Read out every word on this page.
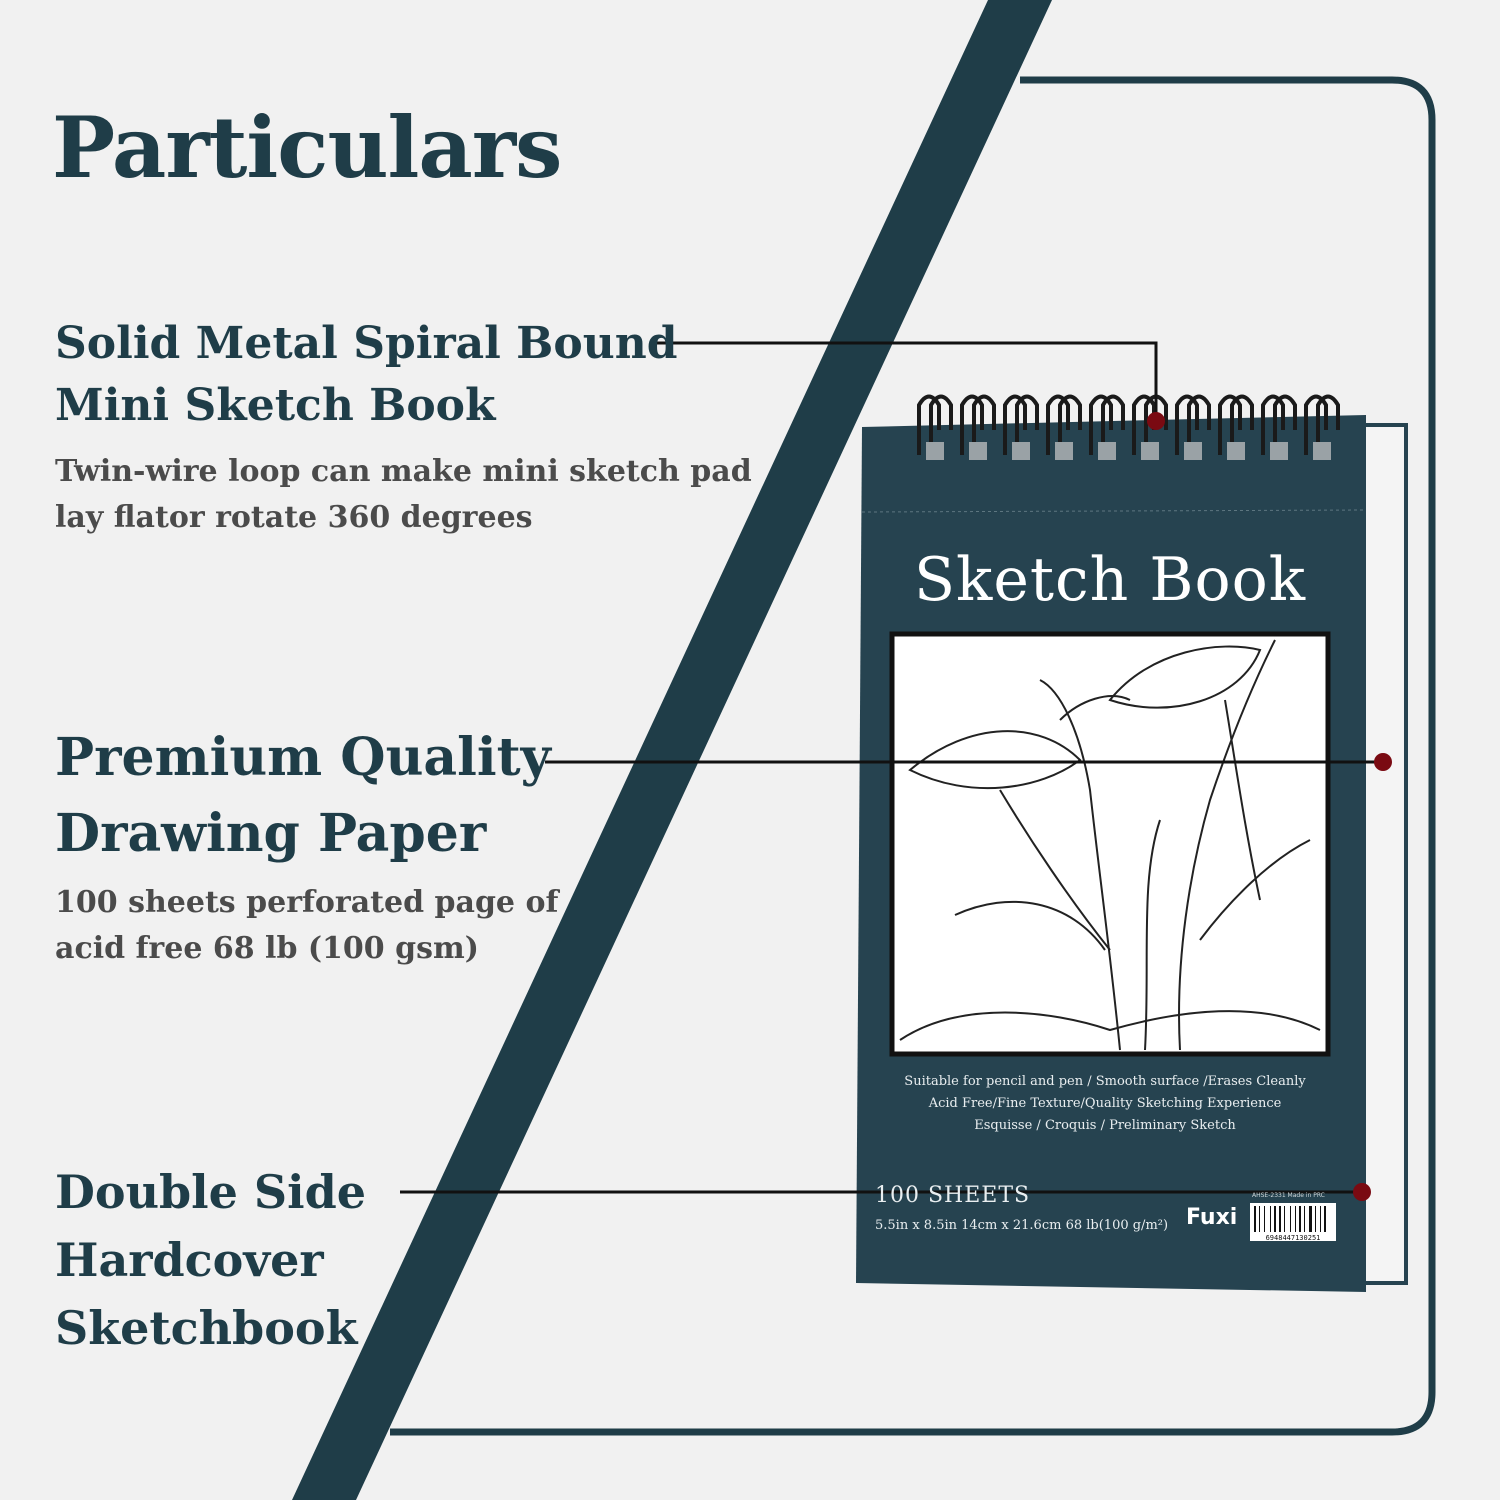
6948447130251
Particulars
Solid Metal Spiral Bound
Mini Sketch Book
Twin-wire loop can make mini sketch pad
lay flator rotate 360 degrees
Premium Quality
Drawing Paper
100 sheets perforated page of
acid free 68 lb (100 gsm)
Double Side
Hardcover
Sketchbook
Sketch Book
Suitable for pencil and pen / Smooth surface /Erases Cleanly
Acid Free/Fine Texture/Quality Sketching Experience
Esquisse / Croquis / Preliminary Sketch
100 SHEETS
5.5in x 8.5in 14cm x 21.6cm 68 lb(100 g/m²) Fuxi
AHSE-2331 Made in PRC
